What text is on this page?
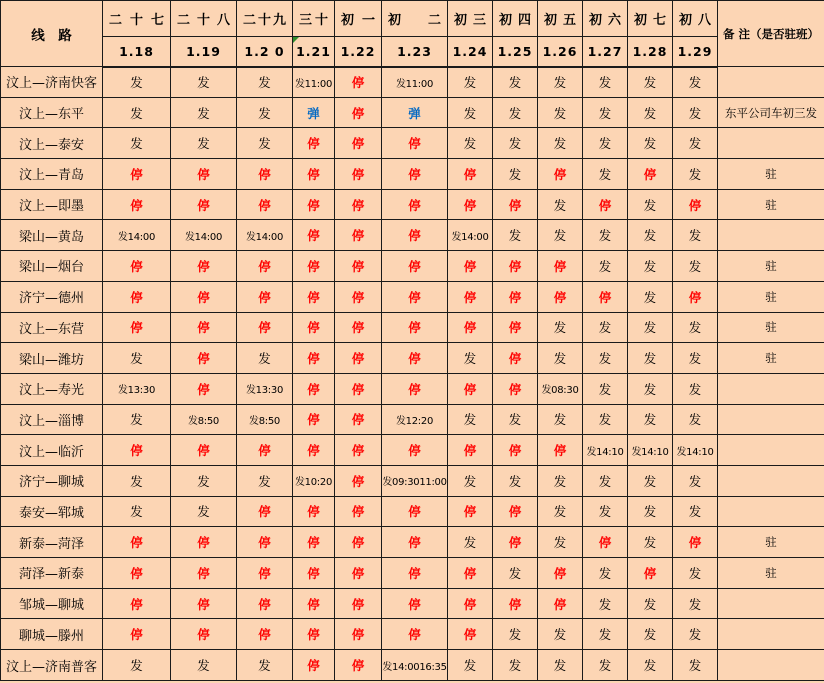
线　路	二十七	二十八	二十九	三十	初一	初二	初三	初四	初五	初六	初七	初八	备 注（是否驻班）
	1.18	1.19	1.2 0	1.21	1.22	1.23	1.24	1.25	1.26	1.27	1.28	1.29	
汶上—济南快客	发	发	发	发11:00	停	发11:00	发	发	发	发	发	发	
汶上—东平	发	发	发	弹	停	弹	发	发	发	发	发	发	东平公司车初三发
汶上—泰安	发	发	发	停	停	停	发	发	发	发	发	发	
汶上—青岛	停	停	停	停	停	停	停	发	停	发	停	发	驻
汶上—即墨	停	停	停	停	停	停	停	停	发	停	发	停	驻
梁山—黄岛	发14:00	发14:00	发14:00	停	停	停	发14:00	发	发	发	发	发	
梁山—烟台	停	停	停	停	停	停	停	停	停	发	发	发	驻
济宁—德州	停	停	停	停	停	停	停	停	停	停	发	停	驻
汶上—东营	停	停	停	停	停	停	停	停	发	发	发	发	驻
梁山—潍坊	发	停	发	停	停	停	发	停	发	发	发	发	驻
汶上—寿光	发13:30	停	发13:30	停	停	停	停	停	发08:30	发	发	发	
汶上—淄博	发	发8:50	发8:50	停	停	发12:20	发	发	发	发	发	发	
汶上—临沂	停	停	停	停	停	停	停	停	停	发14:10	发14:10	发14:10	
济宁—聊城	发	发	发	发10:20	停	发09:3011:00	发	发	发	发	发	发	
泰安—郓城	发	发	停	停	停	停	停	停	发	发	发	发	
新泰—菏泽	停	停	停	停	停	停	发	停	发	停	发	停	驻
菏泽—新泰	停	停	停	停	停	停	停	发	停	发	停	发	驻
邹城—聊城	停	停	停	停	停	停	停	停	停	发	发	发	
聊城—滕州	停	停	停	停	停	停	停	发	发	发	发	发	
汶上—济南普客	发	发	发	停	停	发14:0016:35	发	发	发	发	发	发	
